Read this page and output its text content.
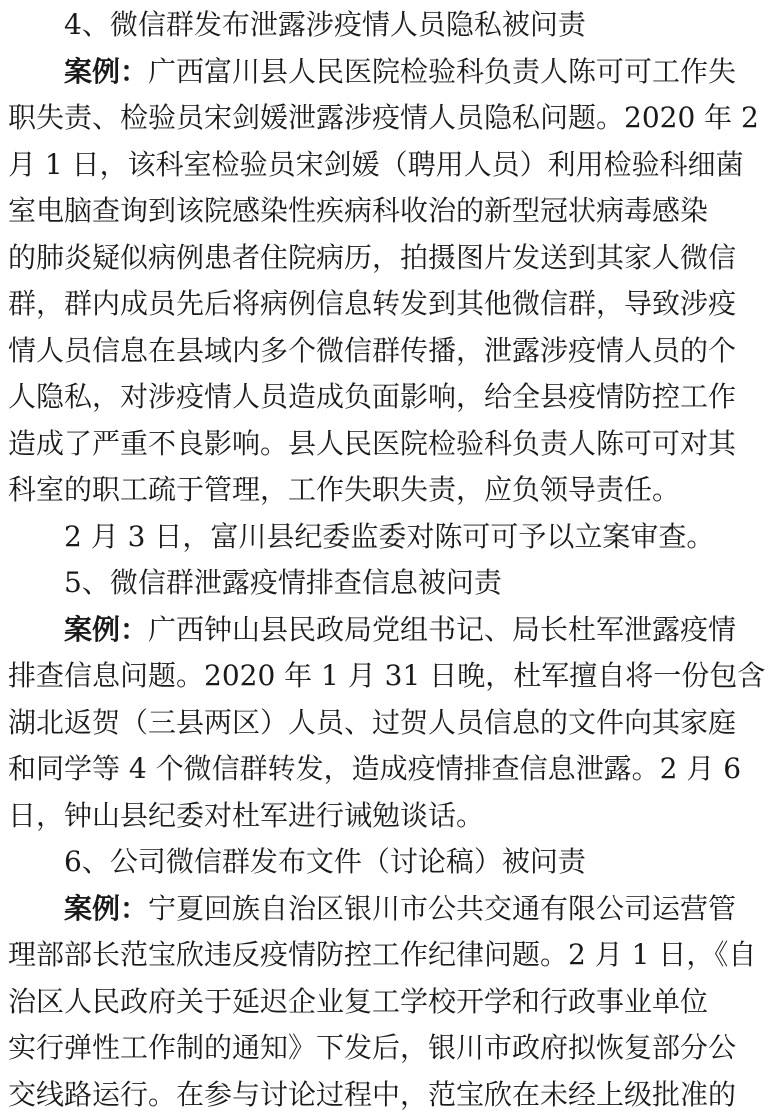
4、微信群发布泄露涉疫情人员隐私被问责
案例：广西富川县人民医院检验科负责人陈可可工作失
职失责、检验员宋剑媛泄露涉疫情人员隐私问题。2020 年 2
月 1 日，该科室检验员宋剑媛（聘用人员）利用检验科细菌
室电脑查询到该院感染性疾病科收治的新型冠状病毒感染
的肺炎疑似病例患者住院病历，拍摄图片发送到其家人微信
群，群内成员先后将病例信息转发到其他微信群，导致涉疫
情人员信息在县域内多个微信群传播，泄露涉疫情人员的个
人隐私，对涉疫情人员造成负面影响，给全县疫情防控工作
造成了严重不良影响。县人民医院检验科负责人陈可可对其
科室的职工疏于管理，工作失职失责，应负领导责任。
2 月 3 日，富川县纪委监委对陈可可予以立案审查。
5、微信群泄露疫情排查信息被问责
案例：广西钟山县民政局党组书记、局长杜军泄露疫情
排查信息问题。2020 年 1 月 31 日晚，杜军擅自将一份包含
湖北返贺（三县两区）人员、过贺人员信息的文件向其家庭
和同学等 4 个微信群转发，造成疫情排查信息泄露。2 月 6
日，钟山县纪委对杜军进行诫勉谈话。
6、公司微信群发布文件（讨论稿）被问责
案例：宁夏回族自治区银川市公共交通有限公司运营管
理部部长范宝欣违反疫情防控工作纪律问题。2 月 1 日，《自
治区人民政府关于延迟企业复工学校开学和行政事业单位
实行弹性工作制的通知》下发后，银川市政府拟恢复部分公
交线路运行。在参与讨论过程中，范宝欣在未经上级批准的
